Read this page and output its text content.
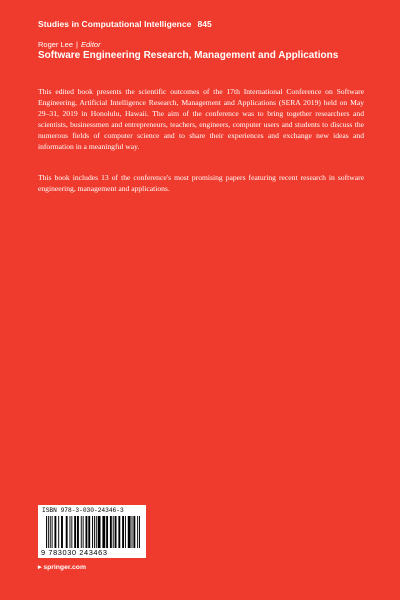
Studies in Computational Intelligence 845
Roger Lee | Editor
Software Engineering Research, Management and Applications

This edited book presents the scientific outcomes of the 17th International Conference on Software Engineering, Artificial Intelligence Research, Management and Applications (SERA 2019) held on May 29–31, 2019 in Honolulu, Hawaii. The aim of the conference was to bring together researchers and scientists, businessmen and entrepreneurs, teachers, engineers, computer users and students to discuss the numerous fields of computer science and to share their experiences and exchange new ideas and information in a meaningful way.

This book includes 13 of the conference's most promising papers featuring recent research in software engineering, management and applications.

ISBN 978-3-030-24346-3
9 783030 243463
▸ springer.com
